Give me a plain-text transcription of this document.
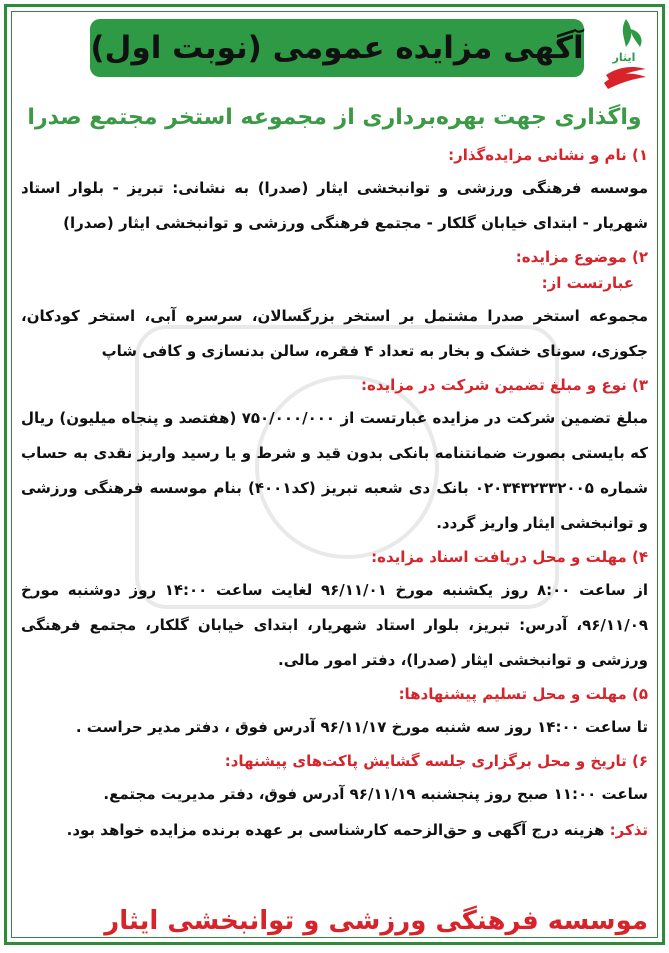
ایثار
آگهی مزایده عمومی (نوبت اول)
واگذاری جهت بهره‌برداری از مجموعه استخر مجتمع صدرا
۱) نام و نشانی مزایده‌گذار:
موسسه فرهنگی ورزشی و توانبخشی ایثار (صدرا) به نشانی: تبریز - بلوار استاد شهریار - ابتدای خیابان گلکار - مجتمع فرهنگی ورزشی و توانبخشی ایثار (صدرا)
۲) موضوع مزایده:
عبارتست از:
مجموعه استخر صدرا مشتمل بر استخر بزرگسالان، سرسره آبی، استخر کودکان، جکوزی، سونای خشک و بخار به تعداد ۴ فقره، سالن بدنسازی و کافی شاپ
۳) نوع و مبلغ تضمین شرکت در مزایده:
مبلغ تضمین شرکت در مزایده عبارتست از ۷۵۰/۰۰۰/۰۰۰ (هفتصد و پنجاه میلیون) ریال که بایستی بصورت ضمانتنامه بانکی بدون قید و شرط و یا رسید واریز نقدی به حساب شماره ۰۲۰۳۴۳۲۳۳۲۰۰۵ بانک دی شعبه تبریز (کد۴۰۰۱) بنام موسسه فرهنگی ورزشی و توانبخشی ایثار واریز گردد.
۴) مهلت و محل دریافت اسناد مزایده:
از ساعت ۸:۰۰ روز یکشنبه مورخ ۹۶/۱۱/۰۱ لغایت ساعت ۱۴:۰۰ روز دوشنبه مورخ ۹۶/۱۱/۰۹، آدرس: تبریز، بلوار استاد شهریار، ابتدای خیابان گلکار، مجتمع فرهنگی ورزشی و توانبخشی ایثار (صدرا)، دفتر امور مالی.
۵) مهلت و محل تسلیم پیشنهادها:
تا ساعت ۱۴:۰۰ روز سه شنبه مورخ ۹۶/۱۱/۱۷ آدرس فوق ، دفتر مدیر حراست .
۶) تاریخ و محل برگزاری جلسه گشایش پاکت‌های پیشنهاد:
ساعت ۱۱:۰۰ صبح روز پنجشنبه ۹۶/۱۱/۱۹ آدرس فوق، دفتر مدیریت مجتمع.
تذکر: هزینه درج آگهی و حق‌الزحمه کارشناسی بر عهده برنده مزایده خواهد بود.
موسسه فرهنگی ورزشی و توانبخشی ایثار
